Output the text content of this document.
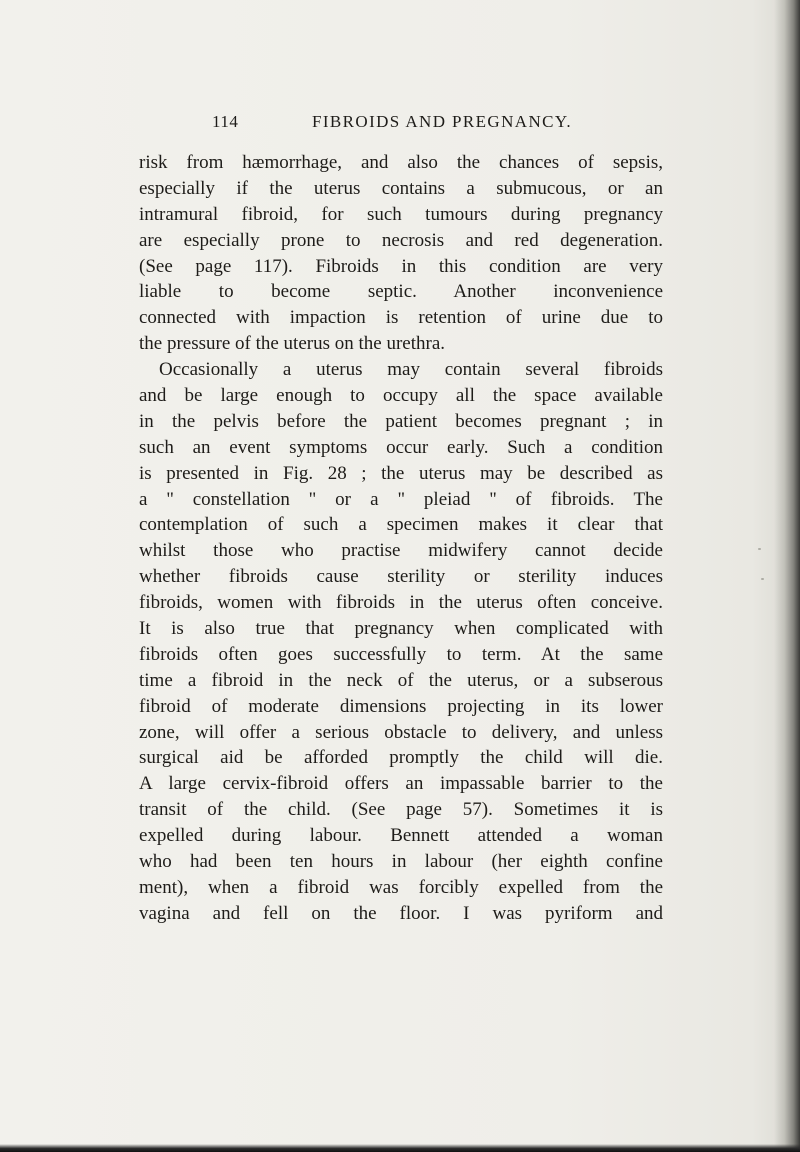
114	FIBROIDS AND PREGNANCY.
risk from hæmorrhage, and also the chances of sepsis,
especially if the uterus contains a submucous, or an
intramural fibroid, for such tumours during pregnancy
are especially prone to necrosis and red degeneration.
(See page 117). Fibroids in this condition are very
liable to become septic. Another inconvenience
connected with impaction is retention of urine due to
the pressure of the uterus on the urethra.
Occasionally a uterus may contain several fibroids
and be large enough to occupy all the space available
in the pelvis before the patient becomes pregnant ; in
such an event symptoms occur early. Such a condition
is presented in Fig. 28 ; the uterus may be described as
a '' constellation '' or a '' pleiad '' of fibroids. The
contemplation of such a specimen makes it clear that
whilst those who practise midwifery cannot decide
whether fibroids cause sterility or sterility induces
fibroids, women with fibroids in the uterus often conceive.
It is also true that pregnancy when complicated with
fibroids often goes successfully to term. At the same
time a fibroid in the neck of the uterus, or a subserous
fibroid of moderate dimensions projecting in its lower
zone, will offer a serious obstacle to delivery, and unless
surgical aid be afforded promptly the child will die.
A large cervix-fibroid offers an impassable barrier to the
transit of the child. (See page 57). Sometimes it is
expelled during labour. Bennett attended a woman
who had been ten hours in labour (her eighth confine
ment), when a fibroid was forcibly expelled from the
vagina and fell on the floor. I was pyriform and
